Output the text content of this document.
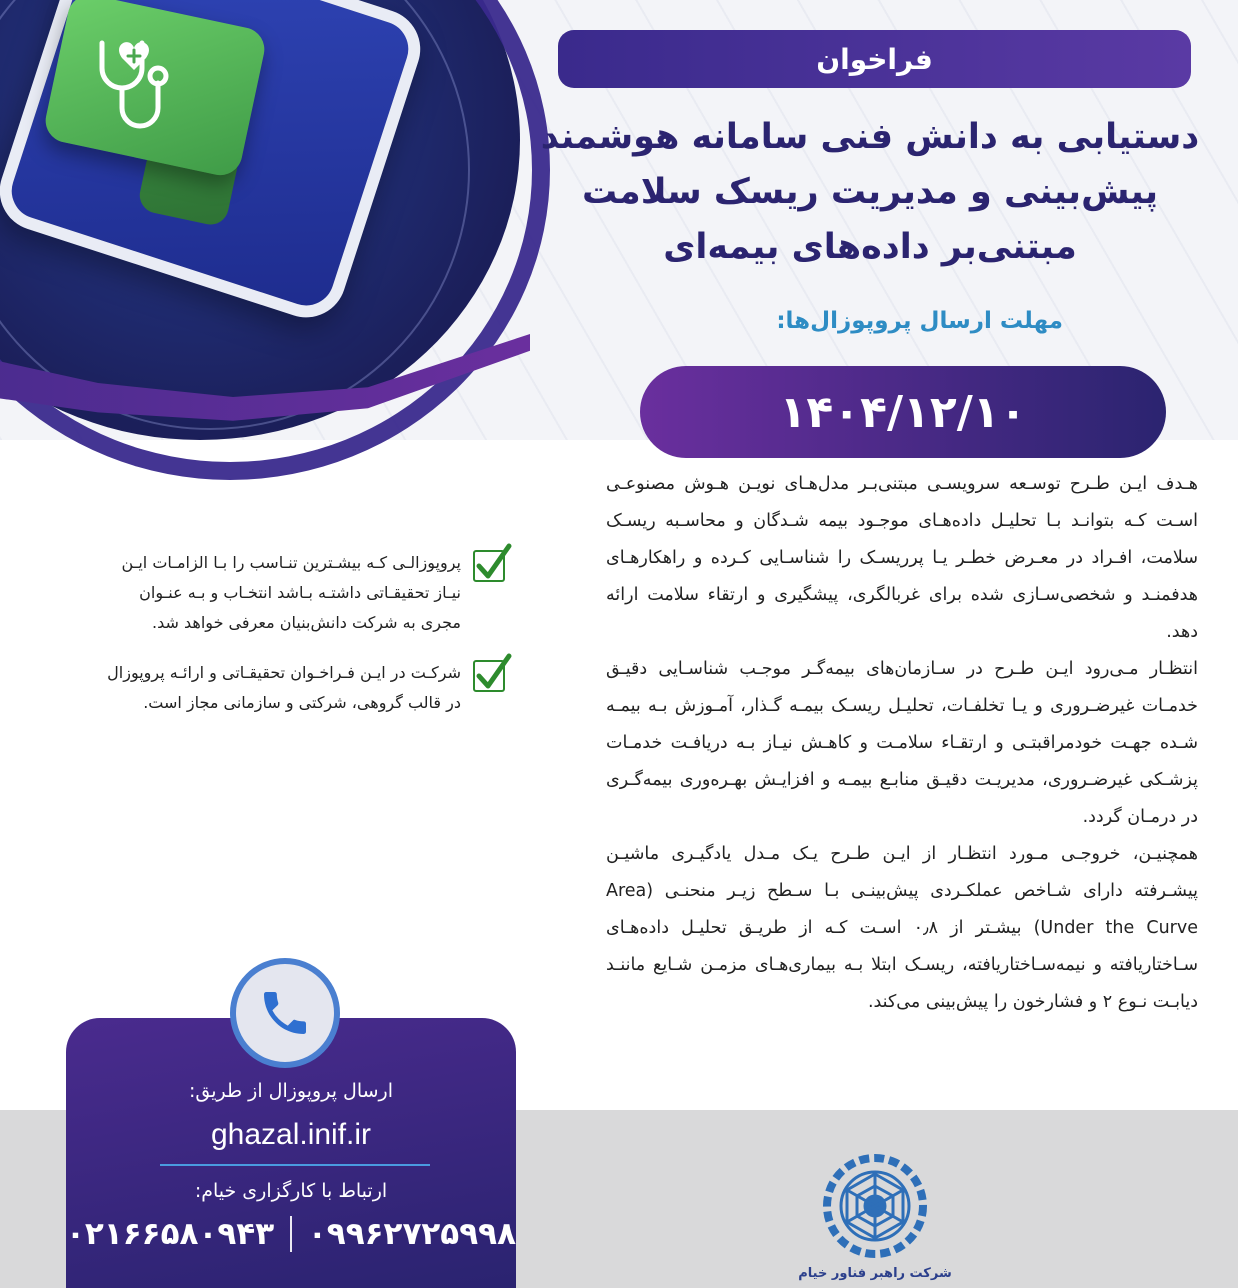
فراخوان
دستیابی به دانش فنی سامانه هوشمند
پیش‌بینی و مدیریت ریسک سلامت
مبتنی‌بر داده‌های بیمه‌ای
مهلت ارسال پروپوزال‌ها:
۱۴۰۴/۱۲/۱۰

هـدف ایـن طـرح توسـعه سرویسـی مبتنی‌بـر مدل‌هـای نویـن هـوش مصنوعـی اسـت کـه بتوانـد بـا تحلیـل داده‌هـای موجـود بیمه شـدگان و محاسـبه ریسـک سلامت، افـراد در معـرض خطـر یـا پرریسـک را شناسـایی کـرده و راهکارهـای هدفمنـد و شخصی‌سـازی شده برای غربالگری، پیشگیری و ارتقاء سلامت ارائه دهد.

انتظـار مـی‌رود ایـن طـرح در سـازمان‌های بیمه‌گـر موجـب شناسـایی دقیـق خدمـات غیرضـروری و یـا تخلفـات، تحلیـل ریسـک بیمـه گـذار، آمـوزش بـه بیمـه شـده جهـت خودمراقبتـی و ارتقـاء سلامـت و کاهـش نیـاز بـه دریافـت خدمـات پزشـکی غیرضـروری، مدیریـت دقیـق منابـع بیمـه و افزایـش بهـره‌وری بیمه‌گـری در درمـان گردد.

همچنیـن، خروجـی مـورد انتظـار از ایـن طـرح یـک مـدل یادگیـری ماشیـن پیشـرفته دارای شـاخص عملکـردی پیش‌بینـی بـا سـطح زیـر منحنـی (Area Under the Curve) بیشـتر از ۰٫۸ اسـت کـه از طریـق تحلیـل داده‌هـای سـاختاریافته و نیمه‌سـاختاریافته، ریسـک ابتلا بـه بیماری‌هـای مزمـن شـایع ماننـد دیابـت نـوع ۲ و فشارخون را پیش‌بینی می‌کند.

پروپوزالـی کـه بیشـترین تنـاسب را بـا الزامـات ایـن نیـاز تحقیقـاتی داشتـه بـاشد انتخـاب و بـه عنـوان مجری به شرکت دانش‌بنیان معرفی خواهد شد.
شرکـت در ایـن فـراخـوان تحقیقـاتی و ارائـه پروپوزال در قالب گروهی، شرکتی و سازمانی مجاز است.
ارسال پروپوزال از طریق:
ghazal.inif.ir
ارتباط با کارگزاری خیام:
۰۲۱۶۶۵۸۰۹۴۳ ۰۹۹۶۲۷۲۵۹۹۸
شرکت راهبر فناور خیام
